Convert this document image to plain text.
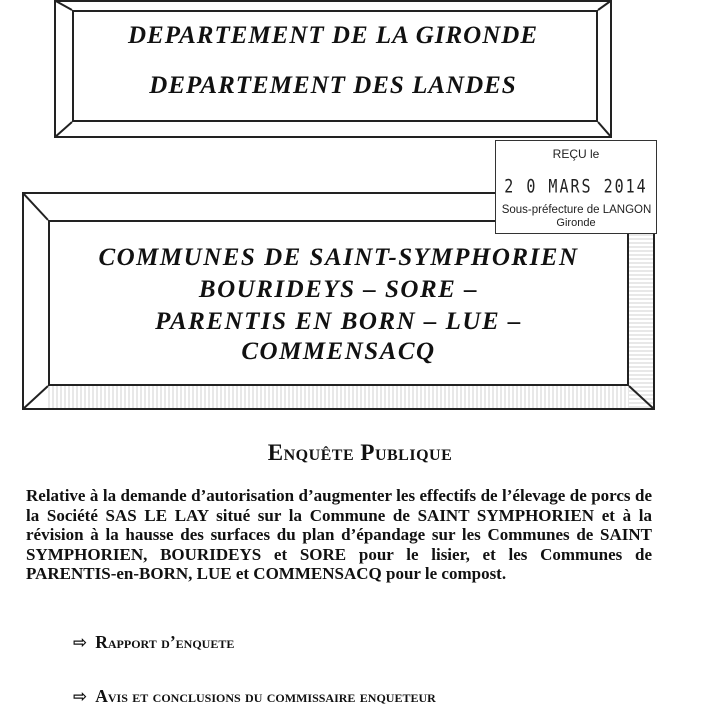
DEPARTEMENT DE LA GIRONDE
DEPARTEMENT DES LANDES
COMMUNES DE SAINT-SYMPHORIEN
BOURIDEYS – SORE –
PARENTIS EN BORN – LUE –
COMMENSACQ
REÇU le
2 0 MARS 2014
Sous-préfecture de LANGON
Gironde
Enquête Publique
Relative à la demande d’autorisation d’augmenter les effectifs de l’élevage de porcs de la Société SAS LE LAY situé sur la Commune de SAINT SYMPHORIEN et à la révision à la hausse des surfaces du plan d’épandage sur les Communes de SAINT SYMPHORIEN, BOURIDEYS et SORE pour le lisier, et les Communes de PARENTIS-en-BORN, LUE et COMMENSACQ pour le compost.
⇨ Rapport d’enquete
⇨ Avis et conclusions du commissaire enqueteur
